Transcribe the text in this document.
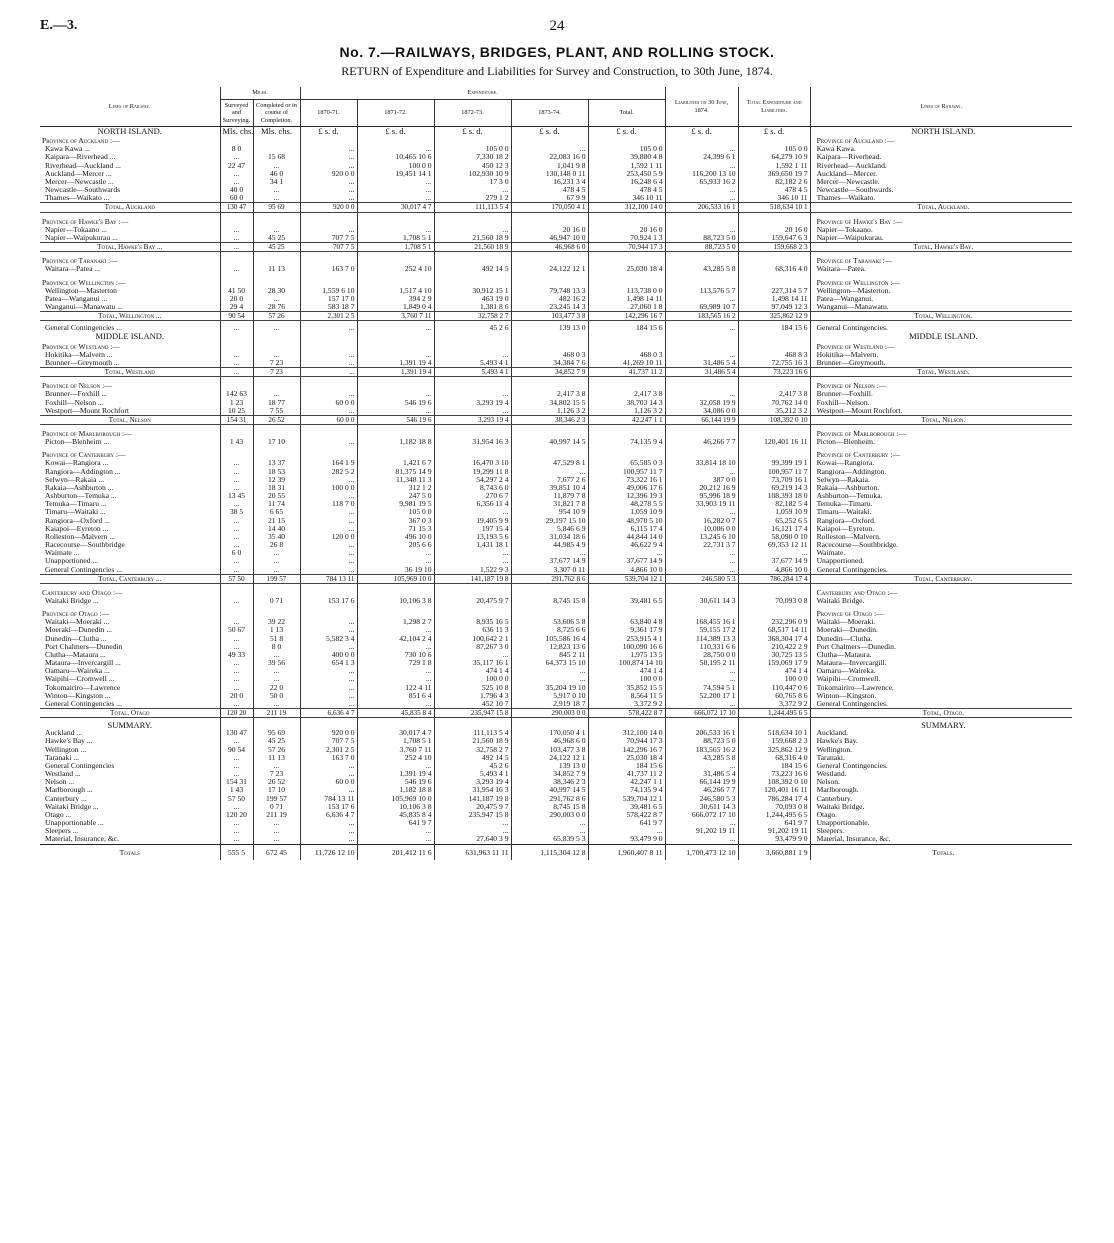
E.—3.	24
No. 7.—RAILWAYS, BRIDGES, PLANT, AND ROLLING STOCK.
RETURN of Expenditure and Liabilities for Survey and Construction, to 30th June, 1874.
Lines of Railway.	Miles.		Expenditure.					Liabilities on 30 June, 1874.	Total Expenditure and Liabilities.	Lines of Railway.
	Surveyed and Surveying.	Completed or in course of Completion.	1870-71.	1871-72.	1872-73.	1873-74.	Total.			
NORTH ISLAND.	Mls. chs.	Mls. chs.	£ s. d.	£ s. d.	£ s. d.	£ s. d.	£ s. d.	£ s. d.	£ s. d.	NORTH ISLAND.
Province of Auckland :—										Province of Auckland :—
Kawa Kawa ...	8 0		...	...	105 0 0	...	105 0 0	...	105 0 0	Kawa Kawa.
Kaipara—Riverhead ...	...	15 68	...	10,465 10 6	7,330 18 2	22,083 16 0	39,880 4 8	24,399 6 1	64,279 10 9	Kaipara—Riverhead.
Riverhead—Auckland ...	22 47	...	...	100 0 0	450 12 3	1,041 9 8	1,592 1 11	...	1,592 1 11	Riverhead—Auckland.
Auckland—Mercer ...	...	46 0	920 0 0	19,451 14 1	102,930 10 9	130,148 0 11	253,450 5 9	116,200 13 10	369,650 19 7	Auckland—Mercer.
Mercer—Newcastle ...	...	34 1	...	...	17 3 0	16,231 3 4	16,248 6 4	65,933 16 2	82,182 2 6	Mercer—Newcastle.
Newcastle—Southwards	40 0	...	...	...	...	478 4 5	478 4 5	...	478 4 5	Newcastle—Southwards.
Thames—Waikato ...	60 0	...	...	...	279 1 2	67 9 9	346 10 11	...	346 10 11	Thames—Waikato.
Total, Auckland	130 47	95 69	920 0 0	30,017 4 7	111,113 5 4	170,050 4 1	312,100 14 0	206,533 16 1	518,634 10 1	Total, Auckland.

Province of Hawke's Bay :—										Province of Hawke's Bay :—
Napier—Tokaano ...	...	...	...	...	...	20 16 0	20 16 0	...	20 16 0	Napier—Tokaano.
Napier—Waipukurau ...	...	45 25	707 7 5	1,708 5 1	21,560 18 9	46,947 10 0	70,924 1 3	88,723 5 0	159,647 6 3	Napier—Waipukurau.
Total, Hawke's Bay ...	...	45 25	707 7 5	1,708 5 1	21,560 18 9	46,968 6 0	70,944 17 3	88,723 5 0	159,668 2 3	Total, Hawke's Bay.

Province of Taranaki :—										Province of Taranaki :—
Waitara—Patea ...	...	11 13	163 7 0	252 4 10	492 14 5	24,122 12 1	25,030 18 4	43,285 5 8	68,316 4 0	Waitara—Patea.

Province of Wellington :—										Province of Wellington :—
Wellington—Masterton	41 50	28 30	1,559 6 10	1,517 4 10	30,912 15 1	79,748 13 3	113,738 0 0	113,576 5 7	227,314 5 7	Wellington—Masterton.
Patea—Wanganui ...	20 0	...	157 17 0	394 2 9	463 19 0	482 16 2	1,498 14 11	...	1,498 14 11	Patea—Wanganui.
Wanganui—Manawatu ...	29 4	28 76	583 18 7	1,849 0 4	1,381 8 6	23,245 14 3	27,060 1 8	69,989 10 7	97,049 12 3	Wanganui—Manawatu.
Total, Wellington ...	90 54	57 26	2,301 2 5	3,760 7 11	32,758 2 7	103,477 3 8	142,296 16 7	183,565 16 2	325,862 12 9	Total, Wellington.

General Contingencies ...	...	...	...	...	45 2 6	139 13 0	184 15 6	...	184 15 6	General Contingencies.
MIDDLE ISLAND.										MIDDLE ISLAND.
Province of Westland :—										Province of Westland :—
Hokitika—Malvern ...	...	...	...	...	...	468 0 3	468 0 3	...	468 8 3	Hokitika—Malvern.
Brunner—Greymouth ...	...	7 23	...	1,391 19 4	5,493 4 1	34,384 7 6	41,269 10 11	31,486 5 4	72,755 16 3	Brunner—Greymouth.
Total, Westland	...	7 23	...	1,391 19 4	5,493 4 1	34,852 7 9	41,737 11 2	31,486 5 4	73,223 16 6	Total, Westland.

Province of Nelson :—										Province of Nelson :—
Brunner—Foxhill ...	142 63	...	...	...	...	2,417 3 8	2,417 3 8	...	2,417 3 8	Brunner—Foxhill.
Foxhill—Nelson ...	1 23	18 77	60 0 0	546 19 6	3,293 19 4	34,802 15 5	38,703 14 3	32,058 19 9	70,762 14 0	Foxhill—Nelson.
Westport—Mount Rochfort	10 25	7 55	...	...	...	1,126 3 2	1,126 3 2	34,086 0 0	35,212 3 2	Westport—Mount Rochfort.
Total, Nelson	154 31	26 52	60 0 0	546 19 6	3,293 19 4	38,346 2 3	42,247 1 1	66,144 19 9	108,392 0 10	Total, Nelson.

Province of Marlborough :—										Province of Marlborough :—
Picton—Blenheim ...	1 43	17 10	...	1,182 18 8	31,954 16 3	40,997 14 5	74,135 9 4	46,266 7 7	120,401 16 11	Picton—Blenheim.

Province of Canterbury :—										Province of Canterbury :—
Kowai—Rangiora ...	...	13 37	164 1 9	1,421 6 7	16,470 3 10	47,529 8 1	65,585 0 3	33,814 18 10	99,399 19 1	Kowai—Rangiora.
Rangiora—Addington ...	...	18 53	282 5 2	81,375 14 9	19,299 11 8	...	100,957 11 7	...	100,957 11 7	Rangiora—Addington.
Selwyn—Rakaia ...	...	12 39	...	11,348 11 3	54,297 2 4	7,677 2 6	73,322 16 1	387 0 0	73,709 16 1	Selwyn—Rakaia.
Rakaia—Ashburton ...	...	18 31	100 0 0	312 1 2	8,743 6 0	39,851 10 4	49,006 17 6	20,212 16 9	69,219 14 3	Rakaia—Ashburton.
Ashburton—Temuka ...	13 45	20 55	...	247 5 0	270 6 7	11,879 7 8	12,396 19 3	95,996 18 9	108,393 18 0	Ashburton—Temuka.
Temuka—Timaru ...	...	11 74	118 7 0	9,981 19 5	6,356 11 4	31,821 7 8	48,278 5 5	33,903 19 11	82,182 5 4	Temuka—Timaru.
Timaru—Waitaki ...	38 5	6 65	...	105 0 0	...	954 10 9	1,059 10 9	...	1,059 10 9	Timaru—Waitaki.
Rangiora—Oxford ...	...	21 15	...	367 0 3	19,405 9 9	29,197 15 10	48,970 5 10	16,282 0 7	65,252 6 5	Rangiora—Oxford.
Kaiapoi—Eyreton ...	...	14 40	...	71 15 3	197 15 4	5,846 6 9	6,115 17 4	10,006 0 0	16,121 17 4	Kaiapoi—Eyreton.
Rolleston—Malvern ...	...	35 40	120 0 0	496 10 0	13,193 5 6	31,034 18 6	44,844 14 0	13,245 6 10	58,090 0 10	Rolleston—Malvern.
Racecourse—Southbridge	...	26 8	...	205 6 6	1,431 18 1	44,985 4 9	46,622 9 4	22,731 3 7	69,353 12 11	Racecourse—Southbridge.
Waimate ...	6 0	...	...	...	...	...	...	...	...	Waimate.
Unapportioned ...	...	...	...	...	...	37,677 14 9	37,677 14 9	...	37,677 14 9	Unapportioned.
General Contingencies ...	...	...	...	36 19 10	1,522 9 3	3,307 0 11	4,866 10 0	...	4,866 10 0	General Contingencies.
Total, Canterbury ...	57 50	199 57	784 13 11	105,969 10 0	141,187 19 8	291,762 8 6	539,704 12 1	246,580 5 3	786,284 17 4	Total, Canterbury.

Canterbury and Otago :—										Canterbury and Otago :—
Waitaki Bridge ...	...	0 71	153 17 6	10,106 3 8	20,475 9 7	8,745 15 8	39,481 6 5	30,611 14 3	70,093 0 8	Waitaki Bridge.

Province of Otago :—										Province of Otago :—
Waitaki—Moeraki ...	...	39 22	...	1,298 2 7	8,935 16 5	53,606 5 8	63,840 4 8	168,455 16 1	232,296 0 9	Waitaki—Moeraki.
Moeraki—Dunedin ...	50 67	1 13	...	...	636 11 3	8,725 6 6	9,361 17 9	59,155 17 2	68,517 14 11	Moeraki—Dunedin.
Dunedin—Clutha ...	...	51 8	5,582 3 4	42,104 2 4	100,642 2 1	105,586 16 4	253,915 4 1	114,389 13 3	368,304 17 4	Dunedin—Clutha.
Port Chalmers—Dunedin	...	8 0	...	...	87,267 3 0	12,823 13 6	100,090 16 6	110,331 6 6	210,422 2 9	Port Chalmers—Dunedin.
Clutha—Mataura ...	49 33	...	400 0 0	730 10 6	...	845 2 11	1,975 13 5	28,750 0 0	30,725 13 5	Clutha—Mataura.
Mataura—Invercargill ...	...	39 56	654 1 3	729 1 8	35,117 16 1	64,373 15 10	100,874 14 10	58,195 2 11	159,069 17 9	Mataura—Invercargill.
Oamaru—Waireka ...	...	...	...	...	474 1 4	...	474 1 4	...	474 1 4	Oamaru—Waireka.
Waipihi—Cromwell ...	...	...	...	...	100 0 0	...	100 0 0	...	100 0 0	Waipihi—Cromwell.
Tokomairiro—Lawrence	...	22 0	...	122 4 11	525 10 8	35,204 19 10	35,852 15 5	74,594 5 1	110,447 0 6	Tokomairiro—Lawrence.
Winton—Kingston ...	20 0	50 0	...	851 6 4	1,796 4 3	5,917 0 10	8,564 11 5	52,200 17 1	60,765 8 6	Winton—Kingston.
General Contingencies ...	...	...	...	...	452 10 7	2,919 18 7	3,372 9 2	...	3,372 9 2	General Contingencies.
Total, Otago	120 20	211 19	6,636 4 7	45,835 8 4	235,947 15 8	290,003 0 0	578,422 8 7	666,072 17 10	1,244,495 6 5	Total, Otago.

SUMMARY.										SUMMARY.
Auckland ...	130 47	95 69	920 0 0	30,017 4 7	111,113 5 4	170,050 4 1	312,100 14 0	206,533 16 1	518,634 10 1	Auckland.
Hawke's Bay ...	...	45 25	707 7 5	1,708 5 1	21,560 18 9	46,968 6 0	70,944 17 3	88,723 5 0	159,668 2 3	Hawke's Bay.
Wellington ...	90 54	57 26	2,301 2 5	3,760 7 11	32,758 2 7	103,477 3 8	142,296 16 7	183,565 16 2	325,862 12 9	Wellington.
Taranaki ...	...	11 13	163 7 0	252 4 10	492 14 5	24,122 12 1	25,030 18 4	43,285 5 8	68,316 4 0	Taranaki.
General Contingencies	...	...	...	...	45 2 6	139 13 0	184 15 6	...	184 15 6	General Contingencies.
Westland ...	...	7 23	...	1,391 19 4	5,493 4 1	34,852 7 9	41,737 11 2	31,486 5 4	73,223 16 6	Westland.
Nelson ...	154 31	26 52	60 0 0	546 19 6	3,293 19 4	38,346 2 3	42,247 1 1	66,144 19 9	108,392 0 10	Nelson.
Marlborough ...	1 43	17 10	...	1,182 18 8	31,954 16 3	40,997 14 5	74,135 9 4	46,266 7 7	120,401 16 11	Marlborough.
Canterbury ...	57 50	199 57	784 13 11	105,969 10 0	141,187 19 8	291,762 8 6	539,704 12 1	246,580 5 3	786,284 17 4	Canterbury.
Waitaki Bridge ...	...	0 71	153 17 6	10,106 3 8	20,475 9 7	8,745 15 8	39,481 6 5	30,611 14 3	70,093 0 8	Waitaki Bridge.
Otago ...	120 20	211 19	6,636 4 7	45,835 8 4	235,947 15 8	290,003 0 0	578,422 8 7	666,072 17 10	1,244,495 6 5	Otago.
Unapportionable ...	...	...	...	641 9 7	...	...	641 9 7	...	641 9 7	Unapportionable.
Sleepers ...	...	...	...	...	...	...	...	91,202 19 11	91,202 19 11	Sleepers.
Material, Insurance, &c.	...	...	...	...	27,640 3 9	65,839 5 3	93,479 9 0	...	93,479 9 0	Material, Insurance, &c.
Totals	555 5	672 45	11,726 12 10	201,412 11 6	631,963 11 11	1,115,304 12 8	1,960,407 8 11	1,700,473 12 10	3,660,881 1 9	Totals.
